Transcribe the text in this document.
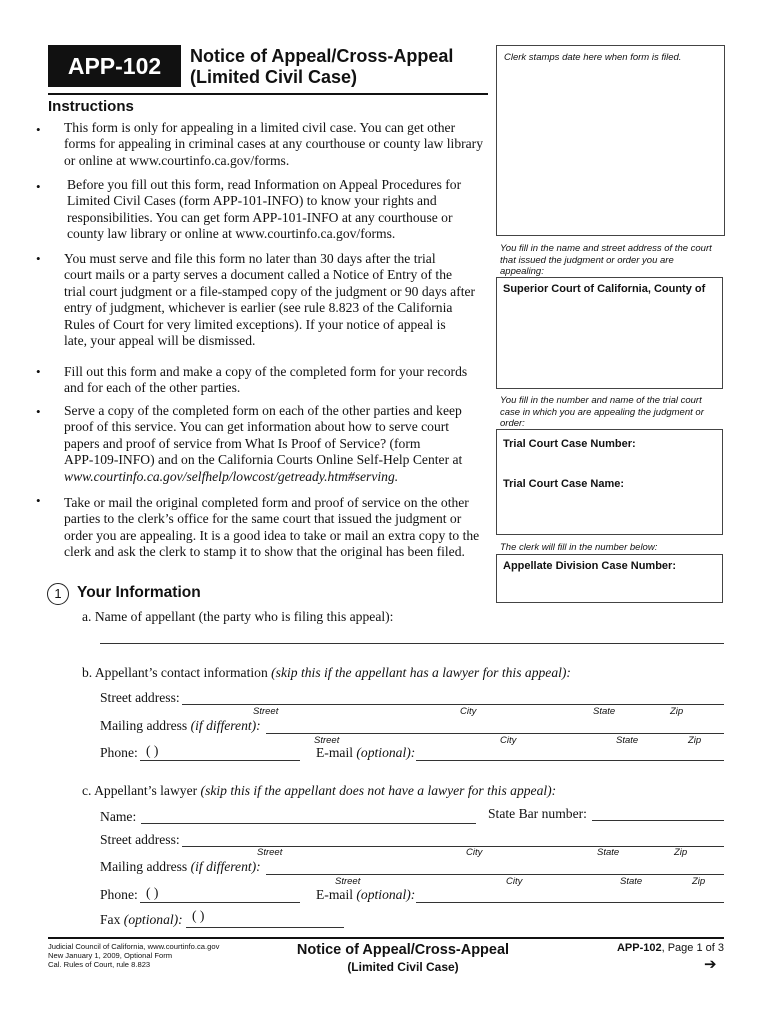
APP-102 Notice of Appeal/Cross-Appeal
(Limited Civil Case)
Clerk stamps date here when form is filed.
You fill in the name and street address of the court that issued the judgment or order you are appealing:
Superior Court of California, County of
You fill in the number and name of the trial court case in which you are appealing the judgment or order:
Trial Court Case Number:
Trial Court Case Name:
The clerk will fill in the number below:
Appellate Division Case Number:
Instructions
• This form is only for appealing in a limited civil case. You can get other
forms for appealing in criminal cases at any courthouse or county law library
or online at www.courtinfo.ca.gov/forms.
• Before you fill out this form, read Information on Appeal Procedures for
Limited Civil Cases (form APP-101-INFO) to know your rights and
responsibilities. You can get form APP-101-INFO at any courthouse or
county law library or online at www.courtinfo.ca.gov/forms.
• You must serve and file this form no later than 30 days after the trial
court mails or a party serves a document called a Notice of Entry of the
trial court judgment or a file-stamped copy of the judgment or 90 days after
entry of judgment, whichever is earlier (see rule 8.823 of the California
Rules of Court for very limited exceptions). If your notice of appeal is
late, your appeal will be dismissed.
• Fill out this form and make a copy of the completed form for your records
and for each of the other parties.
• Serve a copy of the completed form on each of the other parties and keep
proof of this service. You can get information about how to serve court
papers and proof of service from What Is Proof of Service? (form
APP-109-INFO) and on the California Courts Online Self-Help Center at
www.courtinfo.ca.gov/selfhelp/lowcost/getready.htm#serving.
• Take or mail the original completed form and proof of service on the other
parties to the clerk’s office for the same court that issued the judgment or
order you are appealing. It is a good idea to take or mail an extra copy to the
clerk and ask the clerk to stamp it to show that the original has been filed.
1 Your Information
a. Name of appellant (the party who is filing this appeal):
b. Appellant’s contact information (skip this if the appellant has a lawyer for this appeal):
Street address:
Street	City	State	Zip
Mailing address (if different):
Street	City	State	Zip
Phone: ( )	E-mail (optional):
c. Appellant’s lawyer (skip this if the appellant does not have a lawyer for this appeal):
Name:	State Bar number:
Street address:
Street	City	State	Zip
Mailing address (if different):
Street	City	State	Zip
Phone: ( )	E-mail (optional):
Fax (optional): ( )
Judicial Council of California, www.courtinfo.ca.gov
New January 1, 2009, Optional Form
Cal. Rules of Court, rule 8.823
Notice of Appeal/Cross-Appeal
(Limited Civil Case)
APP-102, Page 1 of 3
➔
